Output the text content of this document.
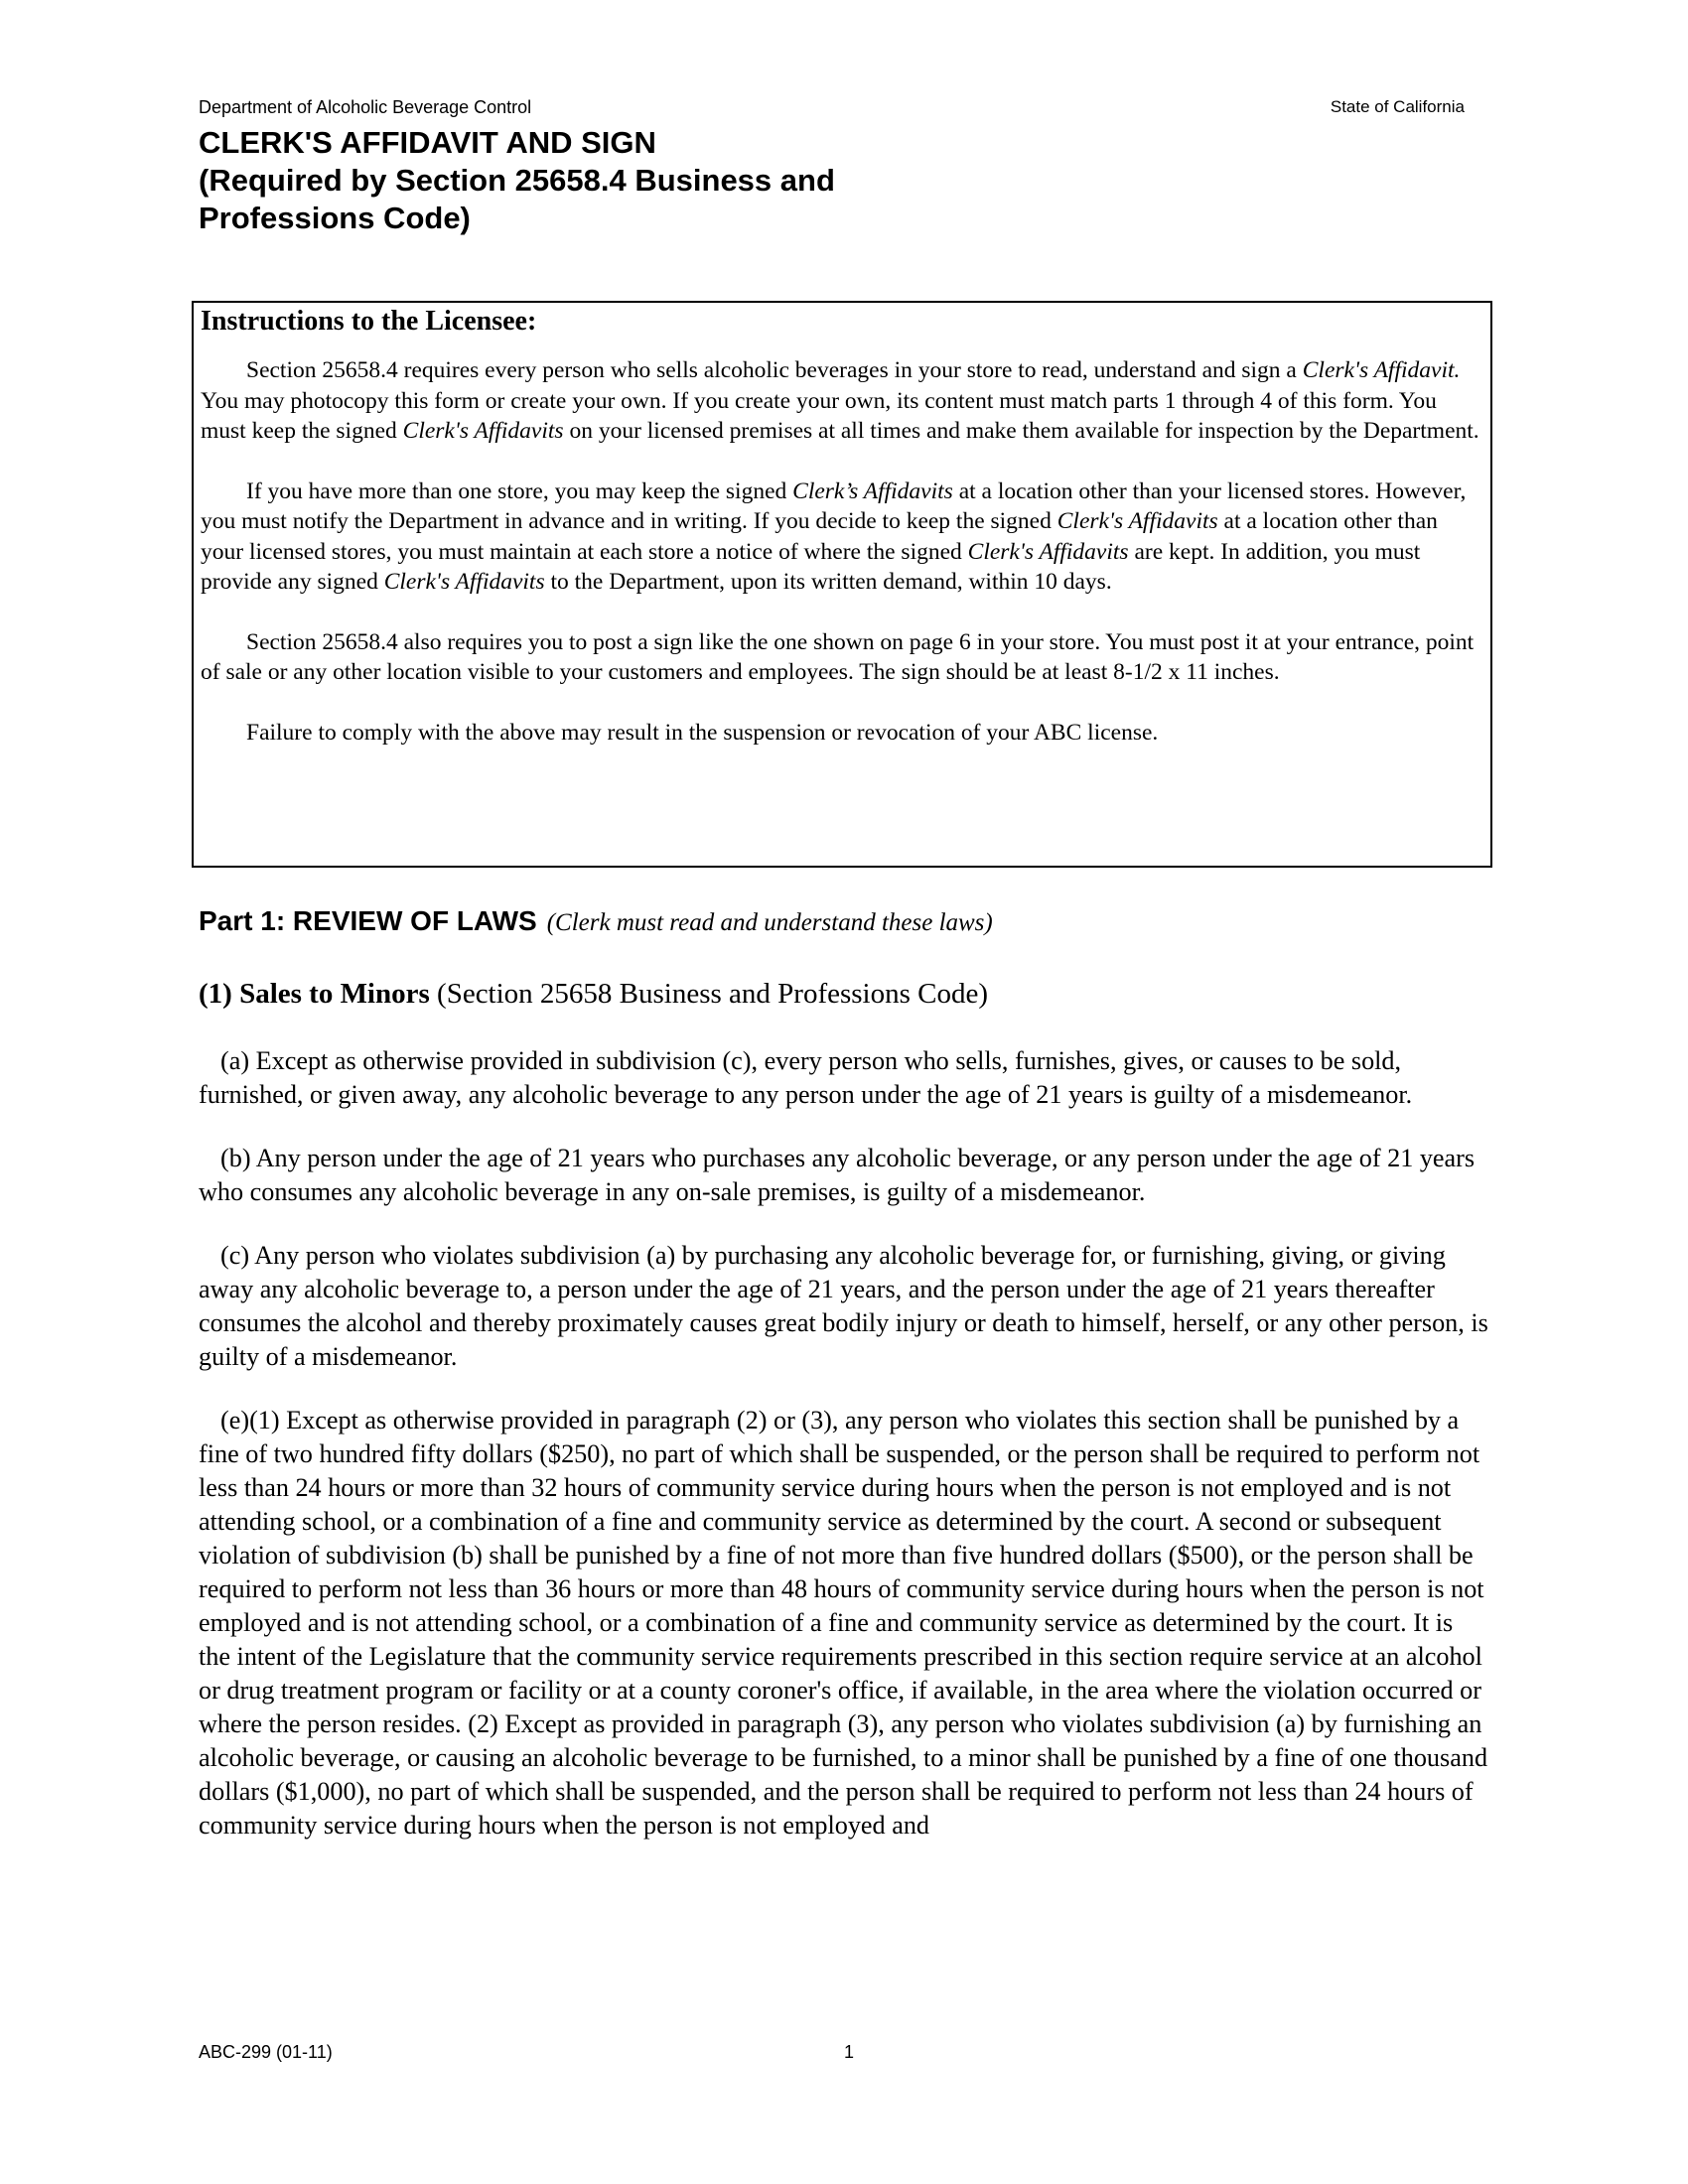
Department of Alcoholic Beverage Control	State of California
CLERK'S AFFIDAVIT AND SIGN
(Required by Section 25658.4 Business and
Professions Code)
Instructions to the Licensee:

Section 25658.4 requires every person who sells alcoholic beverages in your store to read, understand and sign a Clerk's Affidavit. You may photocopy this form or create your own. If you create your own, its content must match parts 1 through 4 of this form. You must keep the signed Clerk's Affidavits on your licensed premises at all times and make them available for inspection by the Department.

If you have more than one store, you may keep the signed Clerk’s Affidavits at a location other than your licensed stores. However, you must notify the Department in advance and in writing. If you decide to keep the signed Clerk's Affidavits at a location other than your licensed stores, you must maintain at each store a notice of where the signed Clerk's Affidavits are kept. In addition, you must provide any signed Clerk's Affidavits to the Department, upon its written demand, within 10 days.

Section 25658.4 also requires you to post a sign like the one shown on page 6 in your store. You must post it at your entrance, point of sale or any other location visible to your customers and employees. The sign should be at least 8-1/2 x 11 inches.

Failure to comply with the above may result in the suspension or revocation of your ABC license.

Part 1: REVIEW OF LAWS (Clerk must read and understand these laws)
(1) Sales to Minors (Section 25658 Business and Professions Code)

(a) Except as otherwise provided in subdivision (c), every person who sells, furnishes, gives, or causes to be sold, furnished, or given away, any alcoholic beverage to any person under the age of 21 years is guilty of a misdemeanor.

(b) Any person under the age of 21 years who purchases any alcoholic beverage, or any person under the age of 21 years who consumes any alcoholic beverage in any on-sale premises, is guilty of a misdemeanor.

(c) Any person who violates subdivision (a) by purchasing any alcoholic beverage for, or furnishing, giving, or giving away any alcoholic beverage to, a person under the age of 21 years, and the person under the age of 21 years thereafter consumes the alcohol and thereby proximately causes great bodily injury or death to himself, herself, or any other person, is guilty of a misdemeanor.

(e)(1) Except as otherwise provided in paragraph (2) or (3), any person who violates this section shall be punished by a fine of two hundred fifty dollars ($250), no part of which shall be suspended, or the person shall be required to perform not less than 24 hours or more than 32 hours of community service during hours when the person is not employed and is not attending school, or a combination of a fine and community service as determined by the court. A second or subsequent violation of subdivision (b) shall be punished by a fine of not more than five hundred dollars ($500), or the person shall be required to perform not less than 36 hours or more than 48 hours of community service during hours when the person is not employed and is not attending school, or a combination of a fine and community service as determined by the court. It is the intent of the Legislature that the community service requirements prescribed in this section require service at an alcohol or drug treatment program or facility or at a county coroner's office, if available, in the area where the violation occurred or where the person resides. (2) Except as provided in paragraph (3), any person who violates subdivision (a) by furnishing an alcoholic beverage, or causing an alcoholic beverage to be furnished, to a minor shall be punished by a fine of one thousand dollars ($1,000), no part of which shall be suspended, and the person shall be required to perform not less than 24 hours of community service during hours when the person is not employed and

ABC-299 (01-11)	1
